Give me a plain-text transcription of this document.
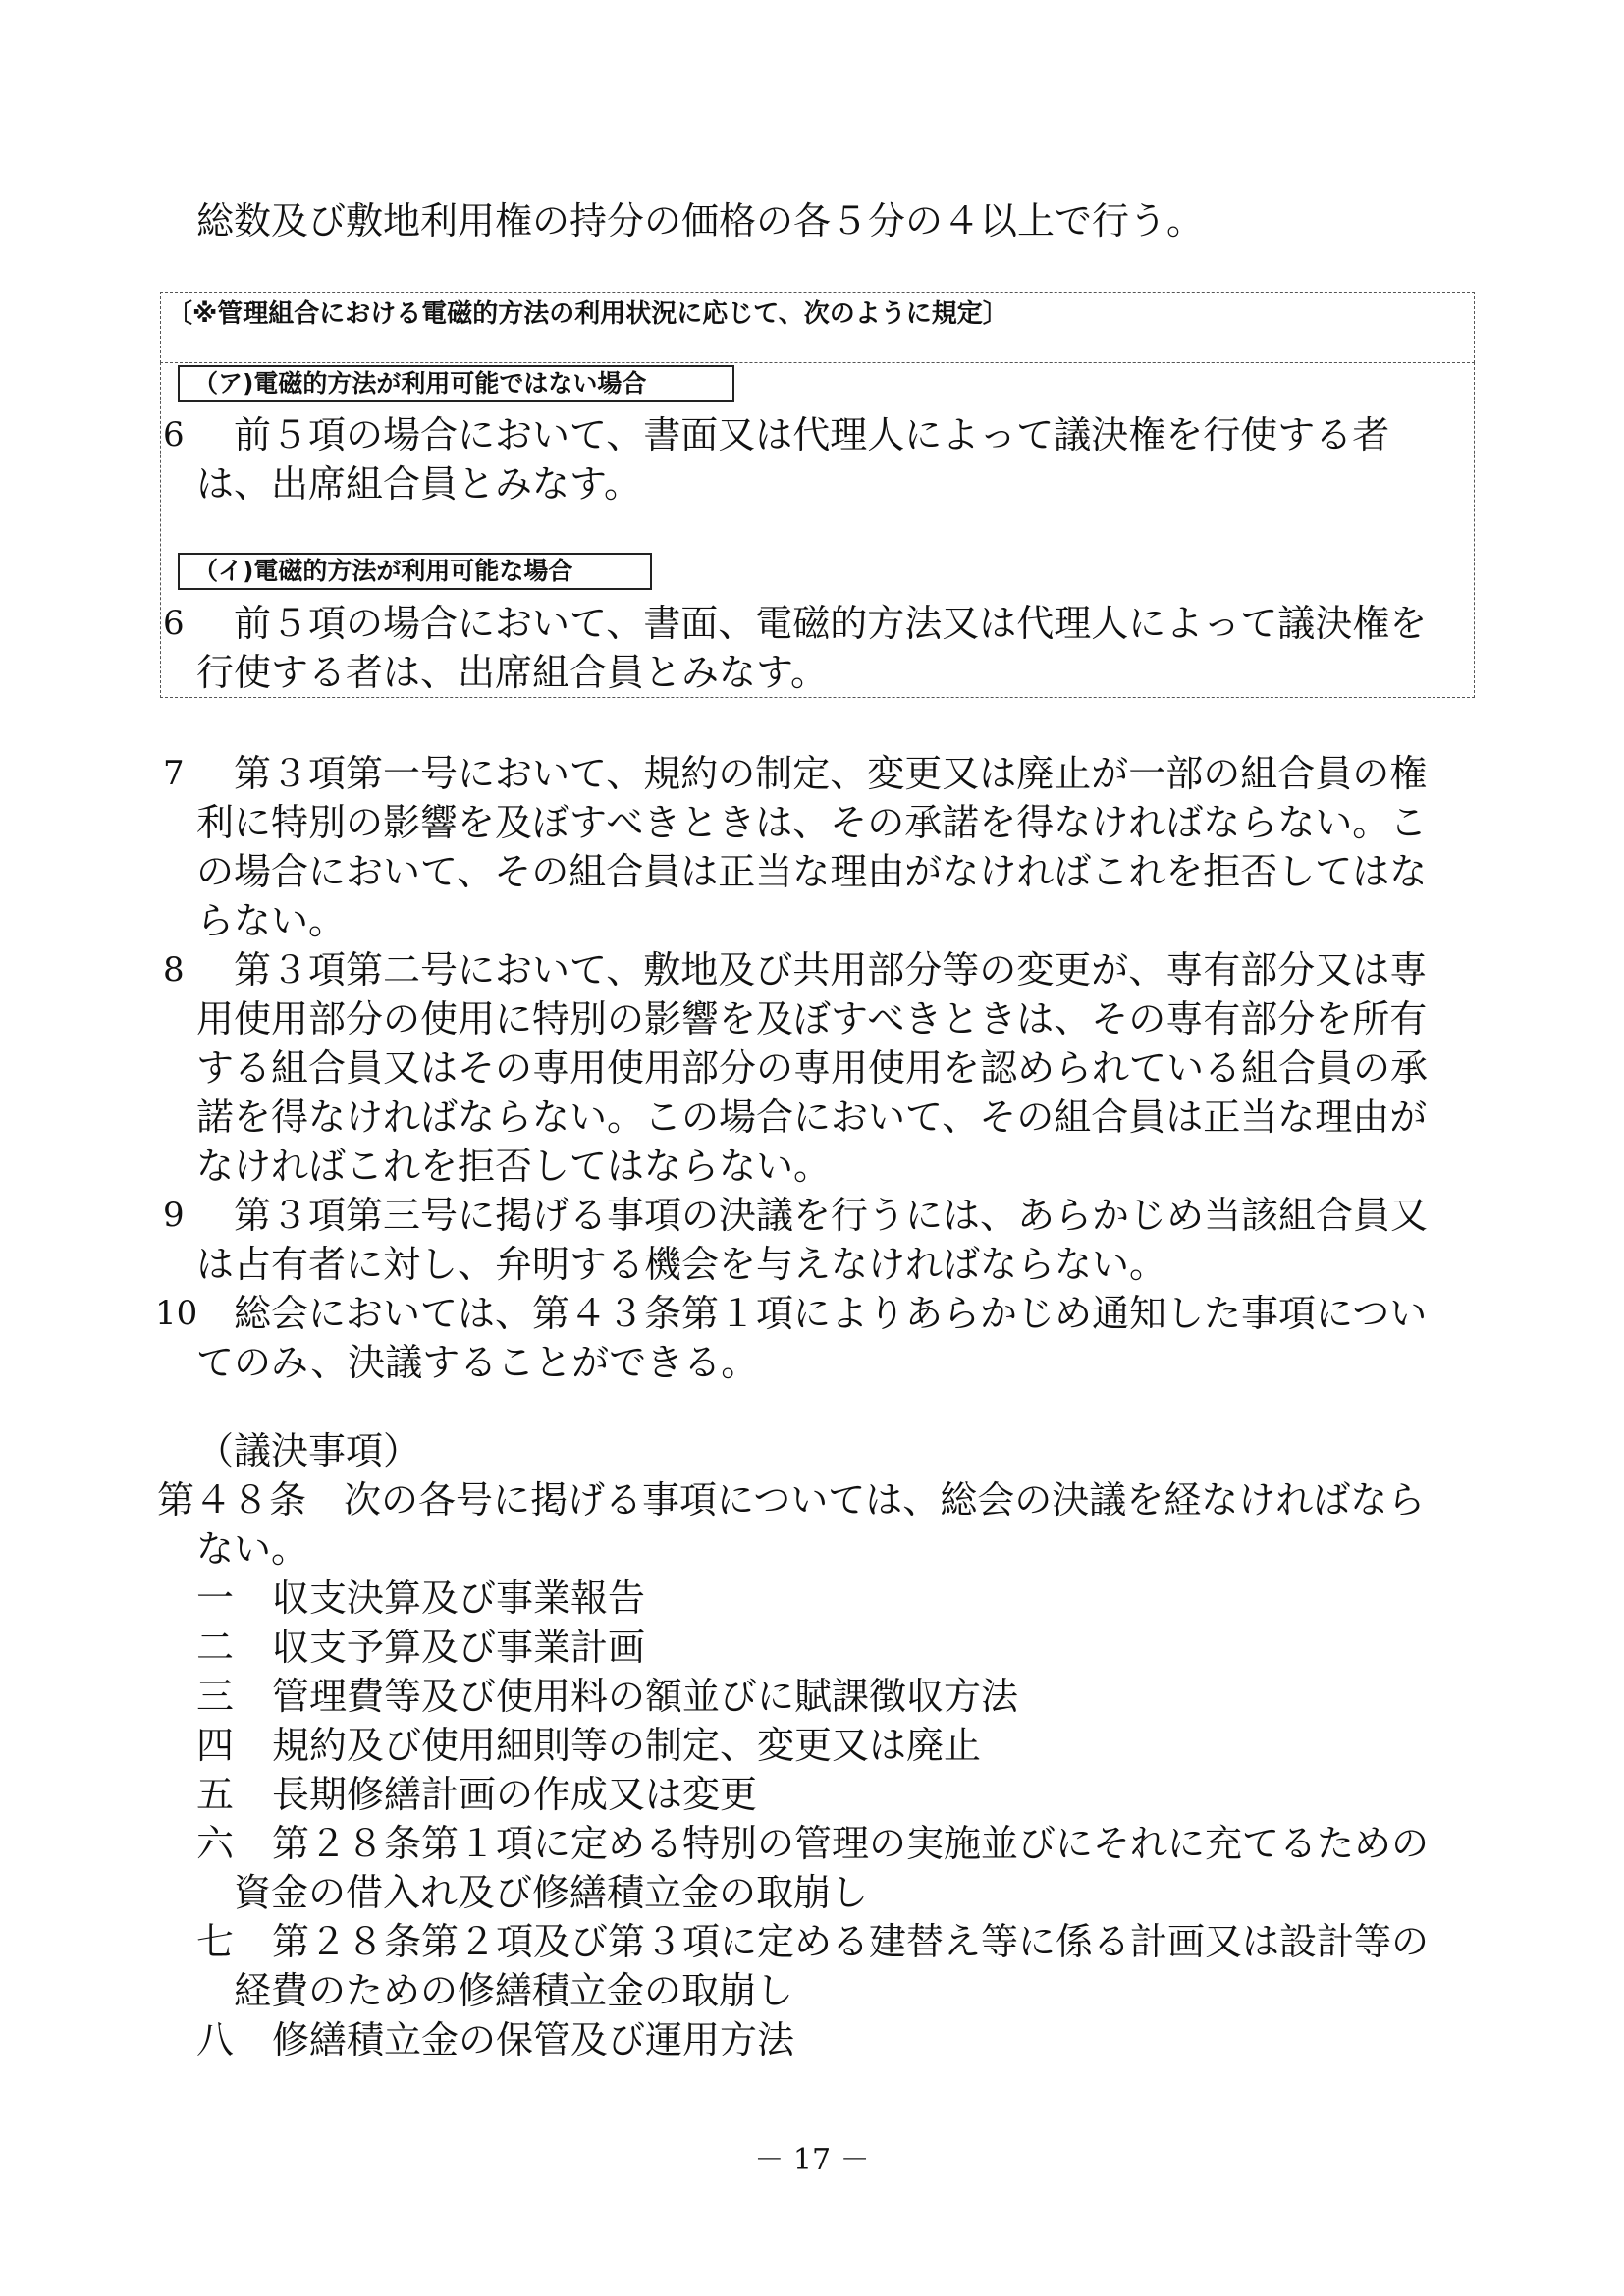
総数及び敷地利用権の持分の価格の各５分の４以上で行う。
〔※管理組合における電磁的方法の利用状況に応じて、次のように規定〕
（ア)電磁的方法が利用可能ではない場合
6 前５項の場合において、書面又は代理人によって議決権を行使する者
は、出席組合員とみなす。
（イ)電磁的方法が利用可能な場合
6 前５項の場合において、書面、電磁的方法又は代理人によって議決権を
行使する者は、出席組合員とみなす。
7 第３項第一号において、規約の制定、変更又は廃止が一部の組合員の権
利に特別の影響を及ぼすべきときは、その承諾を得なければならない。こ
の場合において、その組合員は正当な理由がなければこれを拒否してはな
らない。
8 第３項第二号において、敷地及び共用部分等の変更が、専有部分又は専
用使用部分の使用に特別の影響を及ぼすべきときは、その専有部分を所有
する組合員又はその専用使用部分の専用使用を認められている組合員の承
諾を得なければならない。この場合において、その組合員は正当な理由が
なければこれを拒否してはならない。
9 第３項第三号に掲げる事項の決議を行うには、あらかじめ当該組合員又
は占有者に対し、弁明する機会を与えなければならない。
10 総会においては、第４３条第１項によりあらかじめ通知した事項につい
てのみ、決議することができる。
（議決事項）
第４８条　次の各号に掲げる事項については、総会の決議を経なければなら
ない。
一 収支決算及び事業報告
二 収支予算及び事業計画
三 管理費等及び使用料の額並びに賦課徴収方法
四 規約及び使用細則等の制定、変更又は廃止
五 長期修繕計画の作成又は変更
六 第２８条第１項に定める特別の管理の実施並びにそれに充てるための
資金の借入れ及び修繕積立金の取崩し
七 第２８条第２項及び第３項に定める建替え等に係る計画又は設計等の
経費のための修繕積立金の取崩し
八 修繕積立金の保管及び運用方法
－ 17 －
